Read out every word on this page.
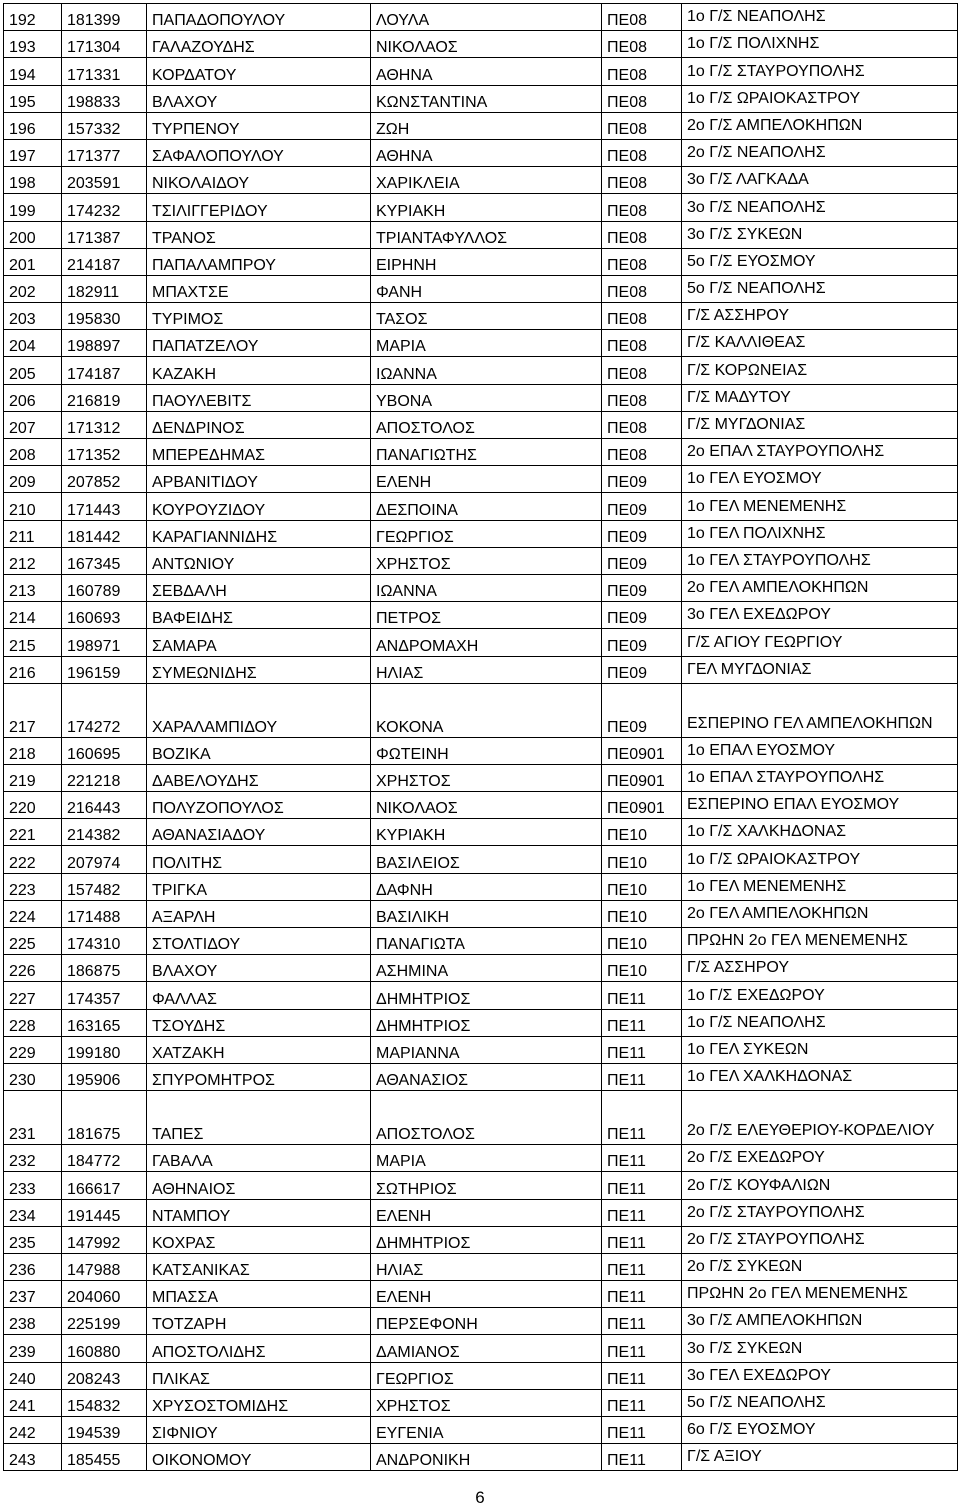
192	181399	ΠΑΠΑΔΟΠΟΥΛΟΥ	ΛΟΥΛΑ	ΠΕ08	1ο Γ/Σ ΝΕΑΠΟΛΗΣ
193	171304	ΓΑΛΑΖΟΥΔΗΣ	ΝΙΚΟΛΑΟΣ	ΠΕ08	1ο Γ/Σ ΠΟΛΙΧΝΗΣ
194	171331	ΚΟΡΔΑΤΟΥ	ΑΘΗΝΑ	ΠΕ08	1ο Γ/Σ ΣΤΑΥΡΟΥΠΟΛΗΣ
195	198833	ΒΛΑΧΟΥ	ΚΩΝΣΤΑΝΤΙΝΑ	ΠΕ08	1ο Γ/Σ ΩΡΑΙΟΚΑΣΤΡΟΥ
196	157332	ΤΥΡΠΕΝΟΥ	ΖΩΗ	ΠΕ08	2ο Γ/Σ ΑΜΠΕΛΟΚΗΠΩΝ
197	171377	ΣΑΦΑΛΟΠΟΥΛΟΥ	ΑΘΗΝΑ	ΠΕ08	2ο Γ/Σ ΝΕΑΠΟΛΗΣ
198	203591	ΝΙΚΟΛΑΙΔΟΥ	ΧΑΡΙΚΛΕΙΑ	ΠΕ08	3ο Γ/Σ ΛΑΓΚΑΔΑ
199	174232	ΤΣΙΛΙΓΓΕΡΙΔΟΥ	ΚΥΡΙΑΚΗ	ΠΕ08	3ο Γ/Σ ΝΕΑΠΟΛΗΣ
200	171387	ΤΡΑΝΟΣ	ΤΡΙΑΝΤΑΦΥΛΛΟΣ	ΠΕ08	3ο Γ/Σ ΣΥΚΕΩΝ
201	214187	ΠΑΠΑΛΑΜΠΡΟΥ	ΕΙΡΗΝΗ	ΠΕ08	5ο Γ/Σ ΕΥΟΣΜΟΥ
202	182911	ΜΠΑΧΤΣΕ	ΦΑΝΗ	ΠΕ08	5ο Γ/Σ ΝΕΑΠΟΛΗΣ
203	195830	ΤΥΡΙΜΟΣ	ΤΑΣΟΣ	ΠΕ08	Γ/Σ ΑΣΣΗΡΟΥ
204	198897	ΠΑΠΑΤΖΕΛΟΥ	ΜΑΡΙΑ	ΠΕ08	Γ/Σ ΚΑΛΛΙΘΕΑΣ
205	174187	ΚΑΖΑΚΗ	ΙΩΑΝΝΑ	ΠΕ08	Γ/Σ ΚΟΡΩΝΕΙΑΣ
206	216819	ΠΑΟΥΛΕΒΙΤΣ	ΥΒΟΝΑ	ΠΕ08	Γ/Σ ΜΑΔΥΤΟΥ
207	171312	ΔΕΝΔΡΙΝΟΣ	ΑΠΟΣΤΟΛΟΣ	ΠΕ08	Γ/Σ ΜΥΓΔΟΝΙΑΣ
208	171352	ΜΠΕΡΕΔΗΜΑΣ	ΠΑΝΑΓΙΩΤΗΣ	ΠΕ08	2ο ΕΠΑΛ ΣΤΑΥΡΟΥΠΟΛΗΣ
209	207852	ΑΡΒΑΝΙΤΙΔΟΥ	ΕΛΕΝΗ	ΠΕ09	1ο ΓΕΛ ΕΥΟΣΜΟΥ
210	171443	ΚΟΥΡΟΥΖΙΔΟΥ	ΔΕΣΠΟΙΝΑ	ΠΕ09	1ο ΓΕΛ ΜΕΝΕΜΕΝΗΣ
211	181442	ΚΑΡΑΓΙΑΝΝΙΔΗΣ	ΓΕΩΡΓΙΟΣ	ΠΕ09	1ο ΓΕΛ ΠΟΛΙΧΝΗΣ
212	167345	ΑΝΤΩΝΙΟΥ	ΧΡΗΣΤΟΣ	ΠΕ09	1ο ΓΕΛ ΣΤΑΥΡΟΥΠΟΛΗΣ
213	160789	ΣΕΒΔΑΛΗ	ΙΩΑΝΝΑ	ΠΕ09	2ο ΓΕΛ ΑΜΠΕΛΟΚΗΠΩΝ
214	160693	ΒΑΦΕΙΔΗΣ	ΠΕΤΡΟΣ	ΠΕ09	3ο ΓΕΛ ΕΧΕΔΩΡΟΥ
215	198971	ΣΑΜΑΡΑ	ΑΝΔΡΟΜΑΧΗ	ΠΕ09	Γ/Σ ΑΓΙΟΥ ΓΕΩΡΓΙΟΥ
216	196159	ΣΥΜΕΩΝΙΔΗΣ	ΗΛΙΑΣ	ΠΕ09	ΓΕΛ ΜΥΓΔΟΝΙΑΣ
217	174272	ΧΑΡΑΛΑΜΠΙΔΟΥ	ΚΟΚΟΝΑ	ΠΕ09	ΕΣΠΕΡΙΝΟ ΓΕΛ ΑΜΠΕΛΟΚΗΠΩΝ
218	160695	ΒΟΖΙΚΑ	ΦΩΤΕΙΝΗ	ΠΕ0901	1ο ΕΠΑΛ ΕΥΟΣΜΟΥ
219	221218	ΔΑΒΕΛΟΥΔΗΣ	ΧΡΗΣΤΟΣ	ΠΕ0901	1ο ΕΠΑΛ ΣΤΑΥΡΟΥΠΟΛΗΣ
220	216443	ΠΟΛΥΖΟΠΟΥΛΟΣ	ΝΙΚΟΛΑΟΣ	ΠΕ0901	ΕΣΠΕΡΙΝΟ ΕΠΑΛ ΕΥΟΣΜΟΥ
221	214382	ΑΘΑΝΑΣΙΑΔΟΥ	ΚΥΡΙΑΚΗ	ΠΕ10	1ο Γ/Σ ΧΑΛΚΗΔΟΝΑΣ
222	207974	ΠΟΛΙΤΗΣ	ΒΑΣΙΛΕΙΟΣ	ΠΕ10	1ο Γ/Σ ΩΡΑΙΟΚΑΣΤΡΟΥ
223	157482	ΤΡΙΓΚΑ	ΔΑΦΝΗ	ΠΕ10	1ο ΓΕΛ ΜΕΝΕΜΕΝΗΣ
224	171488	ΑΞΑΡΛΗ	ΒΑΣΙΛΙΚΗ	ΠΕ10	2ο ΓΕΛ ΑΜΠΕΛΟΚΗΠΩΝ
225	174310	ΣΤΟΛΤΙΔΟΥ	ΠΑΝΑΓΙΩΤΑ	ΠΕ10	ΠΡΩΗΝ 2ο ΓΕΛ ΜΕΝΕΜΕΝΗΣ
226	186875	ΒΛΑΧΟΥ	ΑΣΗΜΙΝΑ	ΠΕ10	Γ/Σ ΑΣΣΗΡΟΥ
227	174357	ΦΑΛΛΑΣ	ΔΗΜΗΤΡΙΟΣ	ΠΕ11	1ο Γ/Σ ΕΧΕΔΩΡΟΥ
228	163165	ΤΣΟΥΔΗΣ	ΔΗΜΗΤΡΙΟΣ	ΠΕ11	1ο Γ/Σ ΝΕΑΠΟΛΗΣ
229	199180	ΧΑΤΖΑΚΗ	ΜΑΡΙΑΝΝΑ	ΠΕ11	1ο ΓΕΛ ΣΥΚΕΩΝ
230	195906	ΣΠΥΡΟΜΗΤΡΟΣ	ΑΘΑΝΑΣΙΟΣ	ΠΕ11	1ο ΓΕΛ ΧΑΛΚΗΔΟΝΑΣ
231	181675	ΤΑΠΕΣ	ΑΠΟΣΤΟΛΟΣ	ΠΕ11	2ο Γ/Σ ΕΛΕΥΘΕΡΙΟΥ-ΚΟΡΔΕΛΙΟΥ
232	184772	ΓΑΒΑΛΑ	ΜΑΡΙΑ	ΠΕ11	2ο Γ/Σ ΕΧΕΔΩΡΟΥ
233	166617	ΑΘΗΝΑΙΟΣ	ΣΩΤΗΡΙΟΣ	ΠΕ11	2ο Γ/Σ ΚΟΥΦΑΛΙΩΝ
234	191445	ΝΤΑΜΠΟΥ	ΕΛΕΝΗ	ΠΕ11	2ο Γ/Σ ΣΤΑΥΡΟΥΠΟΛΗΣ
235	147992	ΚΟΧΡΑΣ	ΔΗΜΗΤΡΙΟΣ	ΠΕ11	2ο Γ/Σ ΣΤΑΥΡΟΥΠΟΛΗΣ
236	147988	ΚΑΤΣΑΝΙΚΑΣ	ΗΛΙΑΣ	ΠΕ11	2ο Γ/Σ ΣΥΚΕΩΝ
237	204060	ΜΠΑΣΣΑ	ΕΛΕΝΗ	ΠΕ11	ΠΡΩΗΝ 2ο ΓΕΛ ΜΕΝΕΜΕΝΗΣ
238	225199	ΤΟΤΖΑΡΗ	ΠΕΡΣΕΦΟΝΗ	ΠΕ11	3ο Γ/Σ ΑΜΠΕΛΟΚΗΠΩΝ
239	160880	ΑΠΟΣΤΟΛΙΔΗΣ	ΔΑΜΙΑΝΟΣ	ΠΕ11	3ο Γ/Σ ΣΥΚΕΩΝ
240	208243	ΠΛΙΚΑΣ	ΓΕΩΡΓΙΟΣ	ΠΕ11	3ο ΓΕΛ ΕΧΕΔΩΡΟΥ
241	154832	ΧΡΥΣΟΣΤΟΜΙΔΗΣ	ΧΡΗΣΤΟΣ	ΠΕ11	5ο Γ/Σ ΝΕΑΠΟΛΗΣ
242	194539	ΣΙΦΝΙΟΥ	ΕΥΓΕΝΙΑ	ΠΕ11	6ο Γ/Σ ΕΥΟΣΜΟΥ
243	185455	ΟΙΚΟΝΟΜΟΥ	ΑΝΔΡΟΝΙΚΗ	ΠΕ11	Γ/Σ ΑΞΙΟΥ
6
